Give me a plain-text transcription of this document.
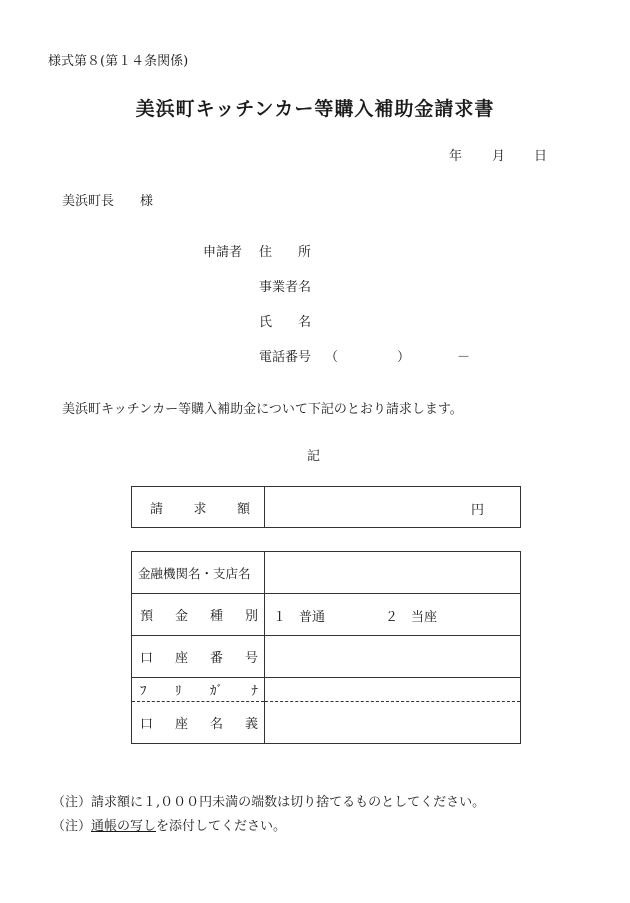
様式第８(第１４条関係)
美浜町キッチンカー等購入補助金請求書
年 月 日
美浜町長　　様
申請者 住　　所
事業者名
氏　　名
電話番号 （	）	－
美浜町キッチンカー等購入補助金について下記のとおり請求します。
記
請 求 額	円
金融機関名・支店名	

預 金 種 別	１　普通 ２　当座

口 座 番 号	

ﾌ ﾘ ｶﾞ ﾅ	

口 座 名 義	

（注）請求額に１,０００円未満の端数は切り捨てるものとしてください。
（注）通帳の写しを添付してください。
